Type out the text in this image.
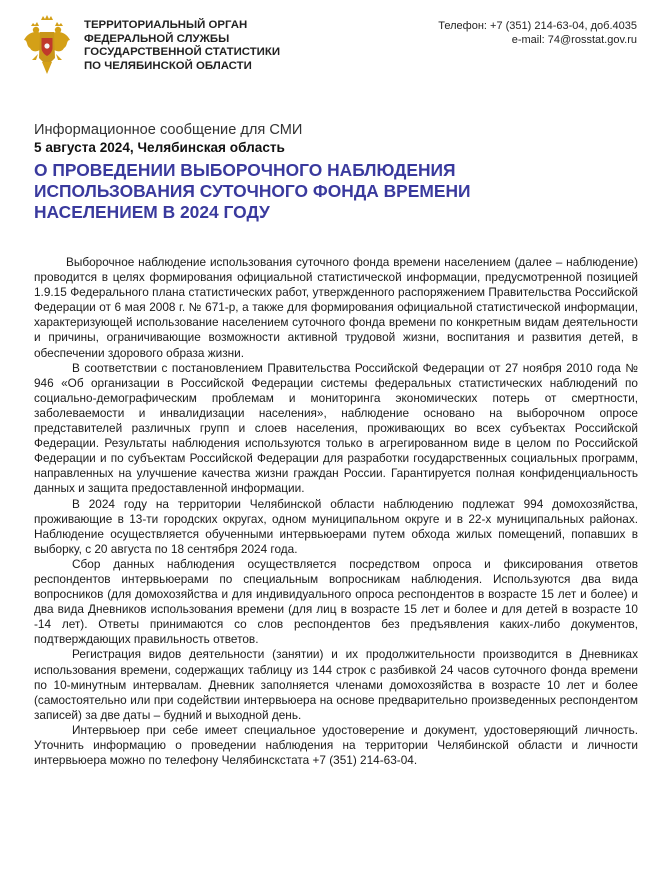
ТЕРРИТОРИАЛЬНЫЙ ОРГАН
ФЕДЕРАЛЬНОЙ СЛУЖБЫ
ГОСУДАРСТВЕННОЙ СТАТИСТИКИ
ПО ЧЕЛЯБИНСКОЙ ОБЛАСТИ
Телефон: +7 (351) 214-63-04, доб.4035
e-mail: 74@rosstat.gov.ru
Информационное сообщение для СМИ
5 августа 2024, Челябинская область
О ПРОВЕДЕНИИ ВЫБОРОЧНОГО НАБЛЮДЕНИЯ
ИСПОЛЬЗОВАНИЯ СУТОЧНОГО ФОНДА ВРЕМЕНИ
НАСЕЛЕНИЕМ В 2024 ГОДУ

Выборочное наблюдение использования суточного фонда времени населением (далее – наблюдение) проводится в целях формирования официальной статистической информации, предусмотренной позицией 1.9.15 Федерального плана статистических работ, утвержденного распоряжением Правительства Российской Федерации от 6 мая 2008 г. № 671-р, а также для формирования официальной статистической информации, характеризующей использование населением суточного фонда времени по конкретным видам деятельности и причины, ограничивающие возможности активной трудовой жизни, воспитания и развития детей, в обеспечении здорового образа жизни.

В соответствии с постановлением Правительства Российской Федерации от 27 ноября 2010 года № 946 «Об организации в Российской Федерации системы федеральных статистических наблюдений по социально-демографическим проблемам и мониторинга экономических потерь от смертности, заболеваемости и инвалидизации населения», наблюдение основано на выборочном опросе представителей различных групп и слоев населения, проживающих во всех субъектах Российской Федерации. Результаты наблюдения используются только в агрегированном виде в целом по Российской Федерации и по субъектам Российской Федерации для разработки государственных социальных программ, направленных на улучшение качества жизни граждан России. Гарантируется полная конфиденциальность данных и защита предоставленной информации.

В 2024 году на территории Челябинской области наблюдению подлежат 994 домохозяйства, проживающие в 13-ти городских округах, одном муниципальном округе и в 22-х муниципальных районах. Наблюдение осуществляется обученными интервьюерами путем обхода жилых помещений, попавших в выборку, с 20 августа по 18 сентября 2024 года.

Сбор данных наблюдения осуществляется посредством опроса и фиксирования ответов респондентов интервьюерами по специальным вопросникам наблюдения. Используются два вида вопросников (для домохозяйства и для индивидуального опроса респондентов в возрасте 15 лет и более) и два вида Дневников использования времени (для лиц в возрасте 15 лет и более и для детей в возрасте 10 -14 лет). Ответы принимаются со слов респондентов без предъявления каких-либо документов, подтверждающих правильность ответов.

Регистрация видов деятельности (занятии) и их продолжительности производится в Дневниках использования времени, содержащих таблицу из 144 строк с разбивкой 24 часов суточного фонда времени по 10-минутным интервалам. Дневник заполняется членами домохозяйства в возрасте 10 лет и более (самостоятельно или при содействии интервьюера на основе предварительно произведенных респондентом записей) за две даты – будний и выходной день.

Интервьюер при себе имеет специальное удостоверение и документ, удостоверяющий личность. Уточнить информацию о проведении наблюдения на территории Челябинской области и личности интервьюера можно по телефону Челябинскстата +7 (351) 214-63-04.
